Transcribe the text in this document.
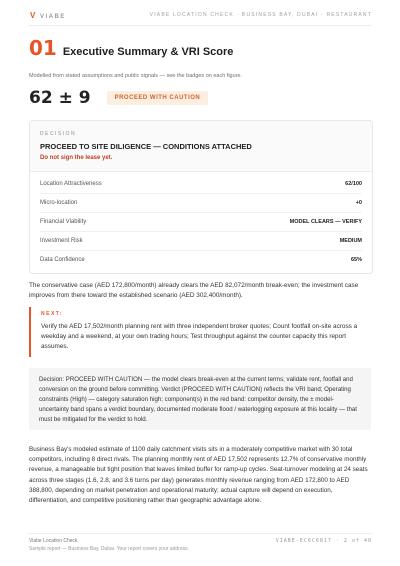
V VIABE	VIABE LOCATION CHECK · BUSINESS BAY, DUBAI · RESTAURANT
01 Executive Summary & VRI Score
Modelled from stated assumptions and public signals — see the badges on each figure.
62 ± 9	PROCEED WITH CAUTION
DECISION
PROCEED TO SITE DILIGENCE — CONDITIONS ATTACHED
Do not sign the lease yet.
Location Attractiveness	62/100
Micro-location	+0
Financial Viability	MODEL CLEARS — VERIFY
Investment Risk	MEDIUM
Data Confidence	65%
The conservative case (AED 172,800/month) already clears the AED 82,072/month break-even; the investment case improves from there toward the established scenario (AED 302,400/month).
NEXT:
Verify the AED 17,502/month planning rent with three independent broker quotes; Count footfall on-site across a weekday and a weekend, at your own trading hours; Test throughput against the counter capacity this report assumes.
Decision: PROCEED WITH CAUTION — the model clears break-even at the current terms; validate rent, footfall and conversion on the ground before committing. Verdict (PROCEED WITH CAUTION) reflects the VRI band; Operating constraints (High) — category saturation high; component(s) in the red band: competitor density, the ± model-uncertainty band spans a verdict boundary, documented moderate flood / waterlogging exposure at this locality — that must be mitigated for the verdict to hold.
Business Bay's modeled estimate of 1100 daily catchment visits sits in a moderately competitive market with 30 total competitors, including 8 direct rivals. The planning monthly rent of AED 17,502 represents 12.7% of conservative monthly revenue, a manageable but tight position that leaves limited buffer for ramp-up cycles. Seat-turnover modeling at 24 seats across three stages (1.6, 2.8, and 3.6 turns per day) generates monthly revenue ranging from AED 172,800 to AED 388,800, depending on market penetration and operational maturity; actual capture will depend on execution, differentiation, and competitive positioning rather than geographic advantage alone.
Viabe Location Check
Sample report — Business Bay, Dubai. Your report covers your address.
VIABE-EC6C6817 · 2 of 40
